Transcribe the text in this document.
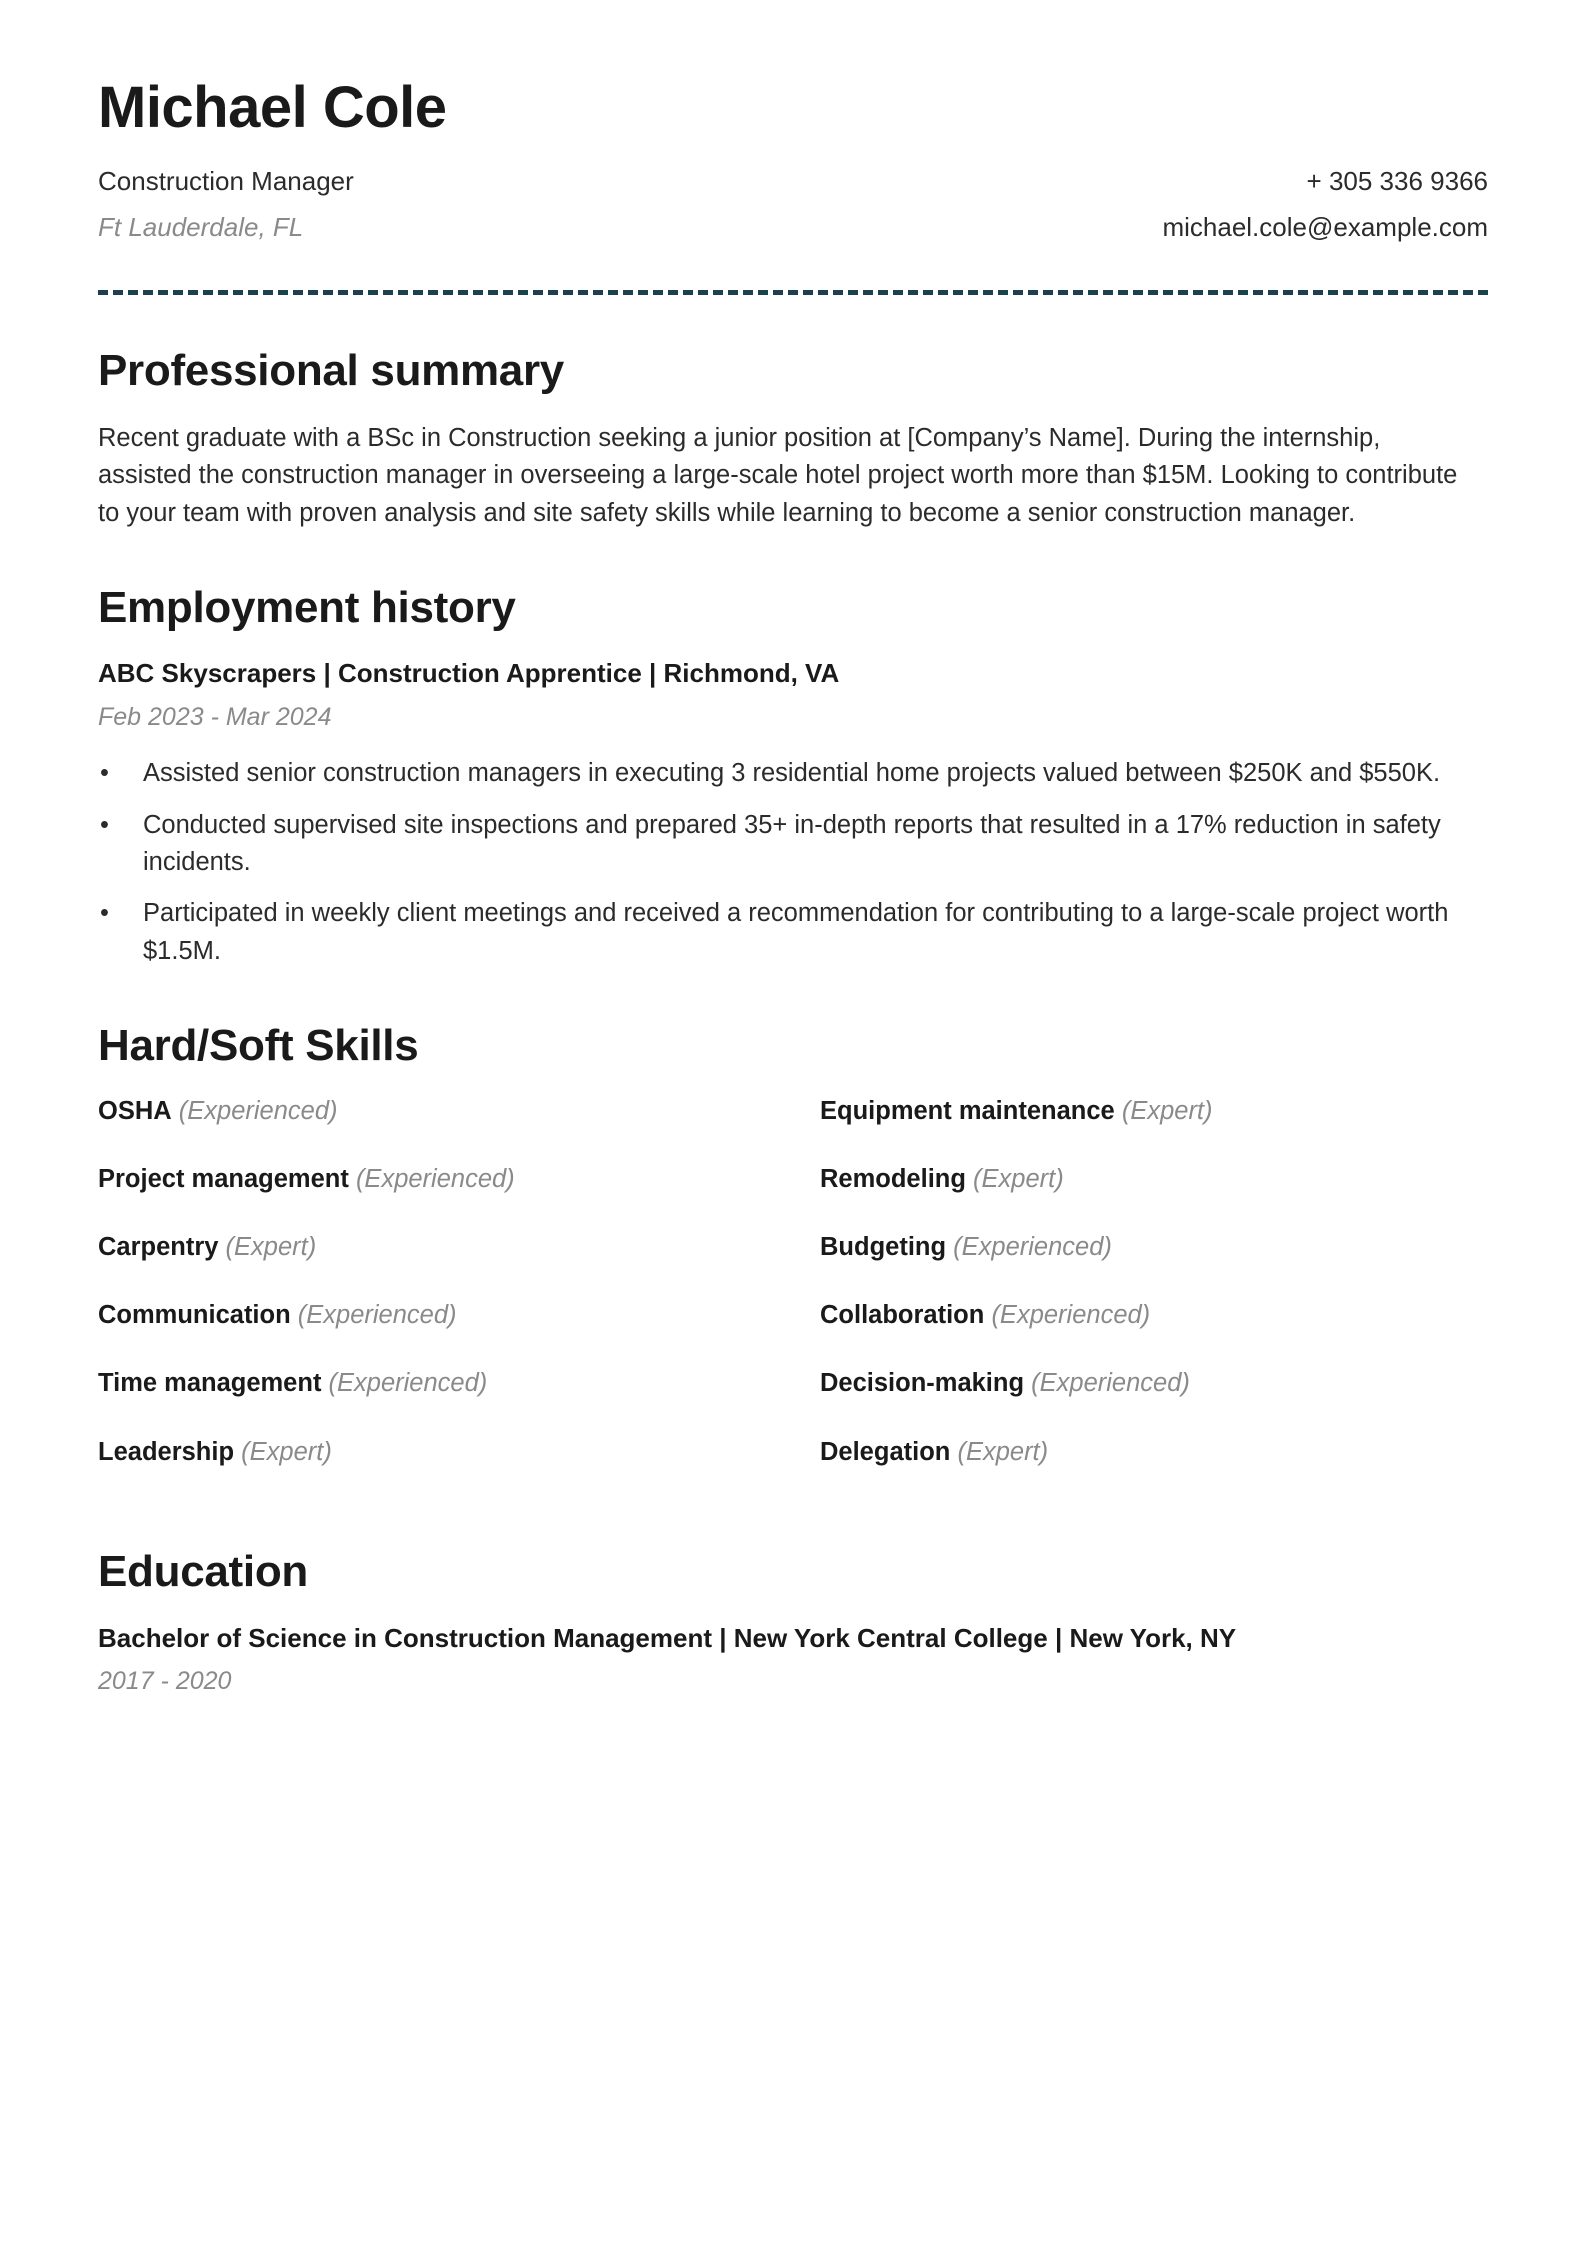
Michael Cole
Construction Manager	+ 305 336 9366
Ft Lauderdale, FL	michael.cole@example.com
Professional summary

Recent graduate with a BSc in Construction seeking a junior position at [Company’s Name]. During the internship, assisted the construction manager in overseeing a large-scale hotel project worth more than $15M. Looking to contribute to your team with proven analysis and site safety skills while learning to become a senior construction manager.

Employment history
ABC Skyscrapers | Construction Apprentice | Richmond, VA
Feb 2023 - Mar 2024
• Assisted senior construction managers in executing 3 residential home projects valued between $250K and $550K.
• Conducted supervised site inspections and prepared 35+ in-depth reports that resulted in a 17% reduction in safety incidents.
• Participated in weekly client meetings and received a recommendation for contributing to a large-scale project worth $1.5M.
Hard/Soft Skills
OSHA (Experienced)	Equipment maintenance (Expert)
Project management (Experienced)	Remodeling (Expert)
Carpentry (Expert)	Budgeting (Experienced)
Communication (Experienced)	Collaboration (Experienced)
Time management (Experienced)	Decision-making (Experienced)
Leadership (Expert)	Delegation (Expert)
Education
Bachelor of Science in Construction Management | New York Central College | New York, NY
2017 - 2020
